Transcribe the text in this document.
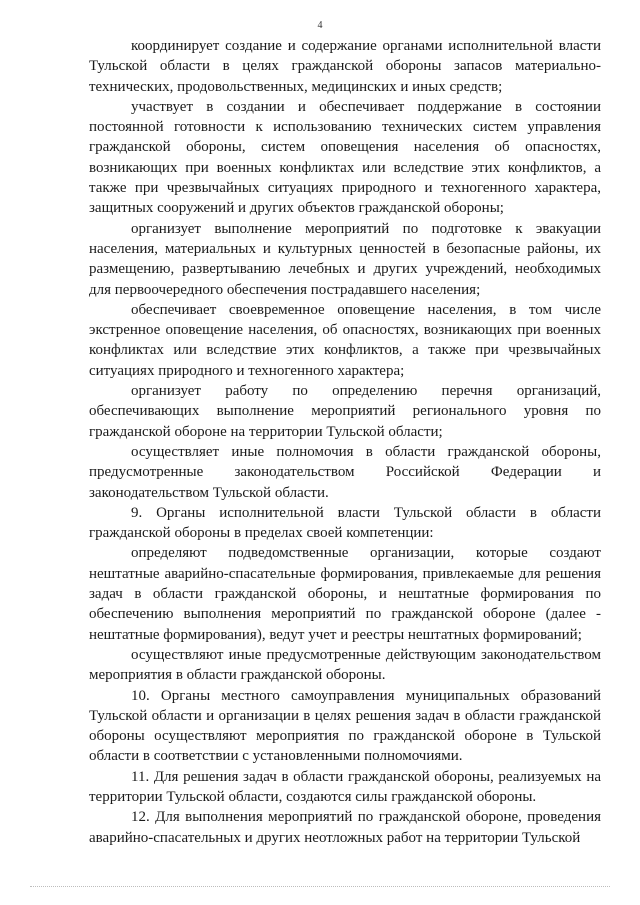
4

координирует создание и содержание органами исполнительной власти Тульской области в целях гражданской обороны запасов материально-технических, продовольственных, медицинских и иных средств;

участвует в создании и обеспечивает поддержание в состоянии постоянной готовности к использованию технических систем управления гражданской обороны, систем оповещения населения об опасностях, возникающих при военных конфликтах или вследствие этих конфликтов, а также при чрезвычайных ситуациях природного и техногенного характера, защитных сооружений и других объектов гражданской обороны;

организует выполнение мероприятий по подготовке к эвакуации населения, материальных и культурных ценностей в безопасные районы, их размещению, развертыванию лечебных и других учреждений, необходимых для первоочередного обеспечения пострадавшего населения;

обеспечивает своевременное оповещение населения, в том числе экстренное оповещение населения, об опасностях, возникающих при военных конфликтах или вследствие этих конфликтов, а также при чрезвычайных ситуациях природного и техногенного характера;

организует работу по определению перечня организаций, обеспечивающих выполнение мероприятий регионального уровня по гражданской обороне на территории Тульской области;

осуществляет иные полномочия в области гражданской обороны, предусмотренные законодательством Российской Федерации и законодательством Тульской области.

9. Органы исполнительной власти Тульской области в области гражданской обороны в пределах своей компетенции:

определяют подведомственные организации, которые создают нештатные аварийно-спасательные формирования, привлекаемые для решения задач в области гражданской обороны, и нештатные формирования по обеспечению выполнения мероприятий по гражданской обороне (далее - нештатные формирования), ведут учет и реестры нештатных формирований;

осуществляют иные предусмотренные действующим законодательством мероприятия в области гражданской обороны.

10. Органы местного самоуправления муниципальных образований Тульской области и организации в целях решения задач в области гражданской обороны осуществляют мероприятия по гражданской обороне в Тульской области в соответствии с установленными полномочиями.

11. Для решения задач в области гражданской обороны, реализуемых на территории Тульской области, создаются силы гражданской обороны.

12. Для выполнения мероприятий по гражданской обороне, проведения аварийно-спасательных и других неотложных работ на территории Тульской
